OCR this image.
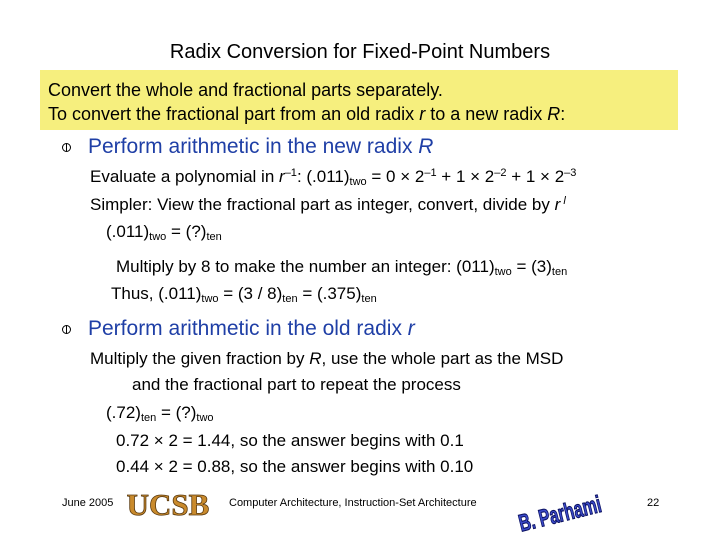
Radix Conversion for Fixed-Point Numbers
Convert the whole and fractional parts separately.
To convert the fractional part from an old radix r to a new radix R:
Perform arithmetic in the new radix R
Evaluate a polynomial in $r^{-1}$: $(.011)_{two} = 0 \times 2^{-1} + 1 \times 2^{-2} + 1 \times 2^{-3}$
Simpler: View the fractional part as integer, convert, divide by r $^l$
$(.011)_{two}$ = $(?)_{ten}$
Multiply by 8 to make the number an integer: $(011)_{two} = (3)_{ten}$
Thus, $(.011)_{two} = (3 / 8)_{ten} = (.375)_{ten}$
Perform arithmetic in the old radix r
Multiply the given fraction by R, use the whole part as the MSD
and the fractional part to repeat the process
$(.72)_{ten}$ = $(?)_{two}$
0.72 × 2 = 1.44, so the answer begins with 0.1
0.44 × 2 = 0.88, so the answer begins with 0.10
June 2005 UCSB Computer Architecture, Instruction-Set Architecture B. Parhami 22
